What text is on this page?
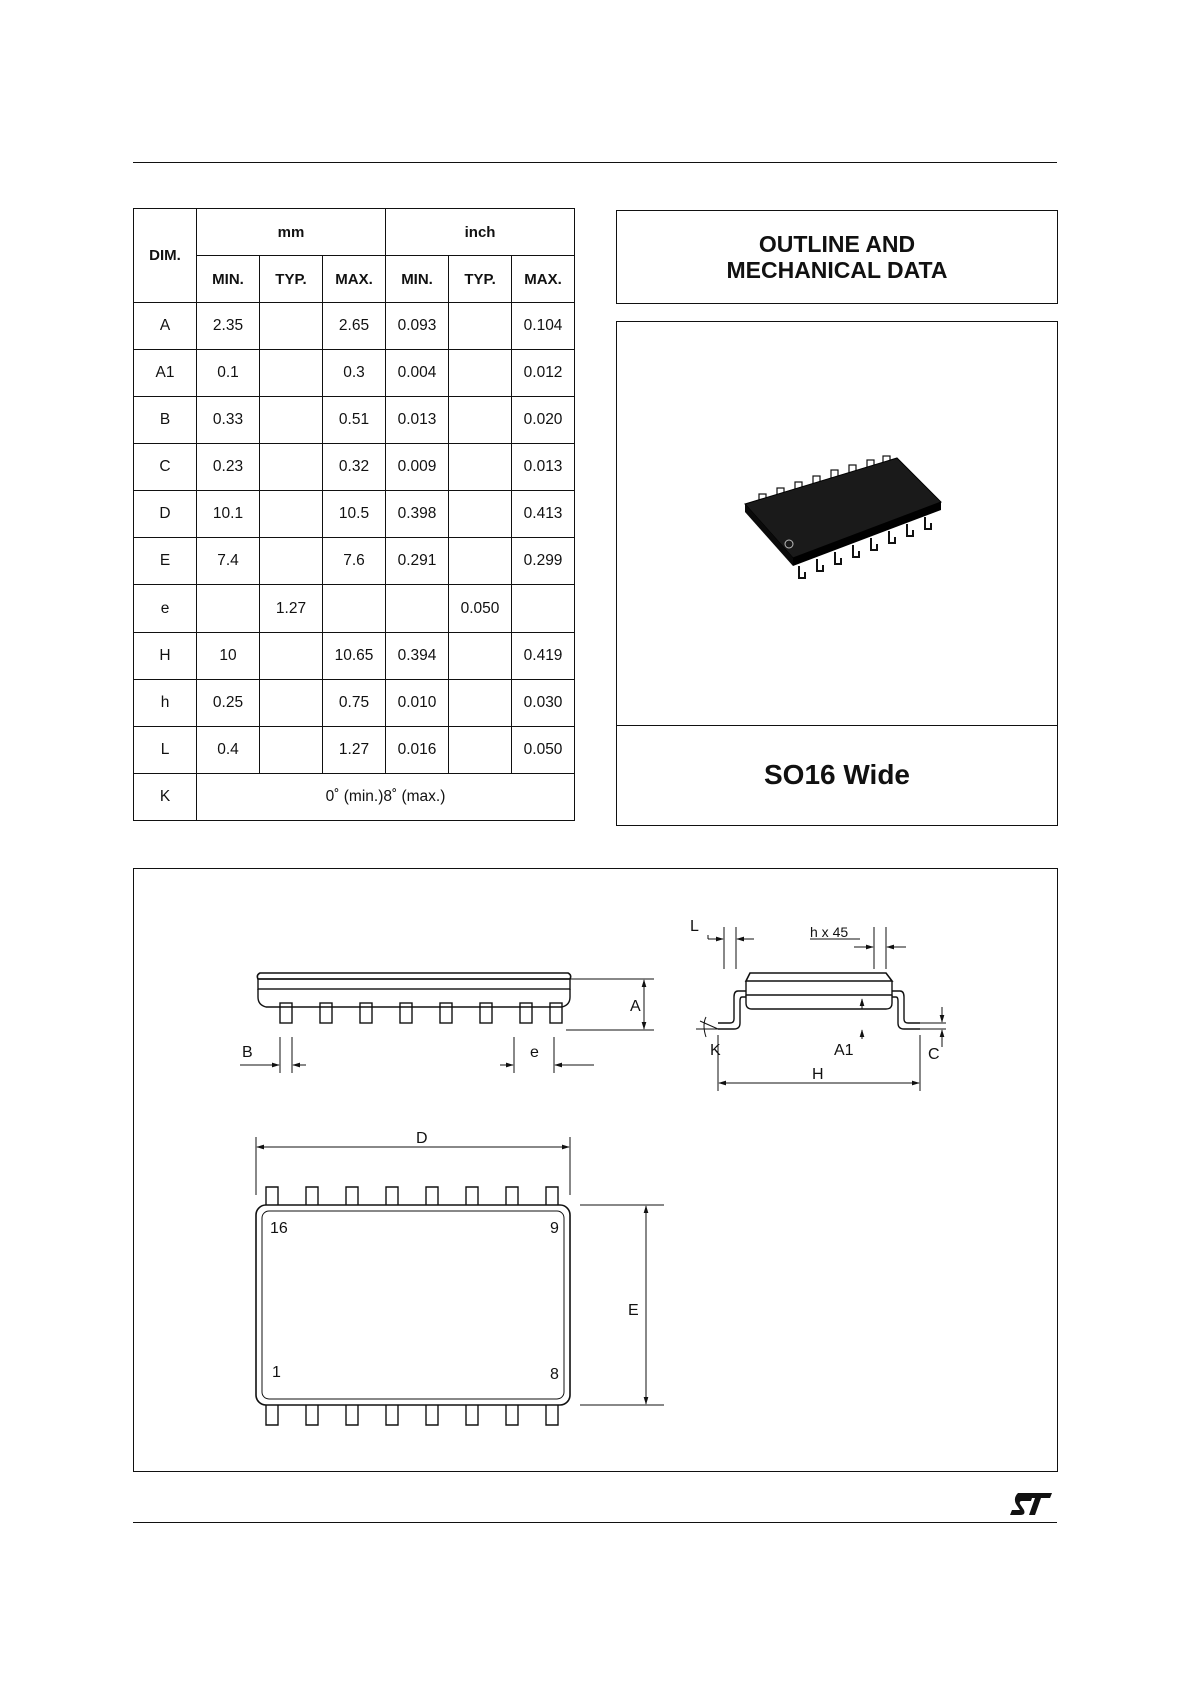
DIM.	mm			inch		
	MIN.	TYP.	MAX.	MIN.	TYP.	MAX.
A	2.35		2.65	0.093		0.104
A1	0.1		0.3	0.004		0.012
B	0.33		0.51	0.013		0.020
C	0.23		0.32	0.009		0.013
D	10.1		10.5	0.398		0.413
E	7.4		7.6	0.291		0.299
e		1.27			0.050	
H	10		10.65	0.394		0.419
h	0.25		0.75	0.010		0.030
L	0.4		1.27	0.016		0.050
K	0˚ (min.)8˚ (max.)					
OUTLINE AND
MECHANICAL DATA
SO16 Wide
A
B	e
L	h x 45
K	A1	C
H
D
E
16	9
1	8
